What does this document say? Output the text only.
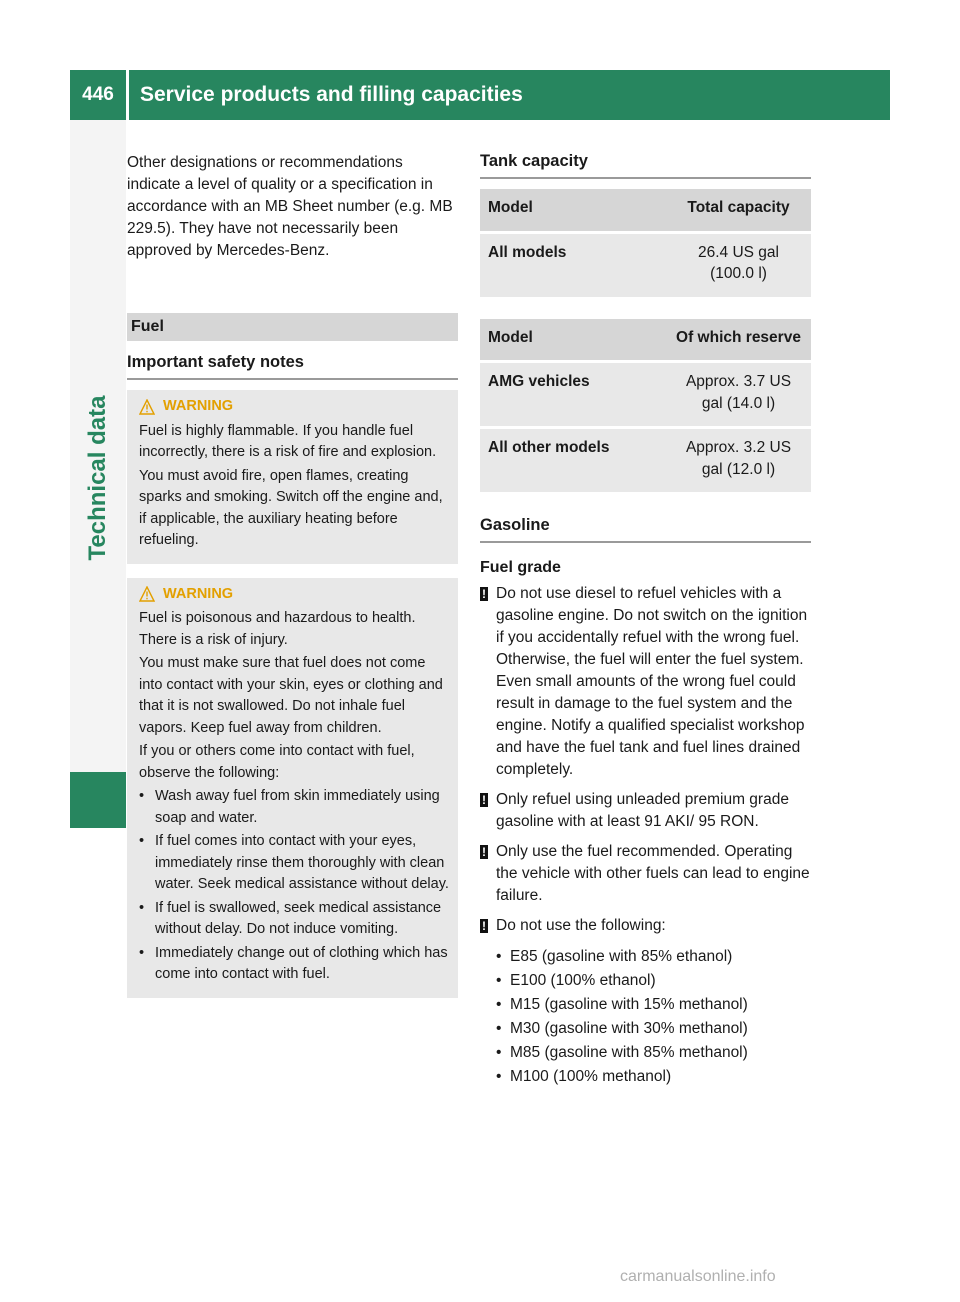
446	Service products and filling capacities
Technical data

Other designations or recommendations indicate a level of quality or a specification in accordance with an MB Sheet number (e.g. MB 229.5). They have not necessarily been approved by Mercedes-Benz.

Fuel
Important safety notes
WARNING

Fuel is highly flammable. If you handle fuel incorrectly, there is a risk of fire and explosion.

You must avoid fire, open flames, creating sparks and smoking. Switch off the engine and, if applicable, the auxiliary heating before refueling.

WARNING

Fuel is poisonous and hazardous to health. There is a risk of injury.

You must make sure that fuel does not come into contact with your skin, eyes or clothing and that it is not swallowed. Do not inhale fuel vapors. Keep fuel away from children.

If you or others come into contact with fuel, observe the following:

• Wash away fuel from skin immediately using soap and water.

• If fuel comes into contact with your eyes, immediately rinse them thoroughly with clean water. Seek medical assistance without delay.

• If fuel is swallowed, seek medical assistance without delay. Do not induce vomiting.

• Immediately change out of clothing which has come into contact with fuel.

Tank capacity
Model	Total capacity
All models	26.4 US gal (100.0 l)
Model	Of which reserve
AMG vehicles	Approx. 3.7 US gal (14.0 l)
All other models	Approx. 3.2 US gal (12.0 l)
Gasoline
Fuel grade

! Do not use diesel to refuel vehicles with a gasoline engine. Do not switch on the ignition if you accidentally refuel with the wrong fuel. Otherwise, the fuel will enter the fuel system. Even small amounts of the wrong fuel could result in damage to the fuel system and the engine. Notify a qualified specialist workshop and have the fuel tank and fuel lines drained completely.

! Only refuel using unleaded premium grade gasoline with at least 91 AKI/ 95 RON.

! Only use the fuel recommended. Operating the vehicle with other fuels can lead to engine failure.

! Do not use the following:

• E85 (gasoline with 85% ethanol)
• E100 (100% ethanol)
• M15 (gasoline with 15% methanol)
• M30 (gasoline with 30% methanol)
• M85 (gasoline with 85% methanol)
• M100 (100% methanol)
carmanualsonline.info
